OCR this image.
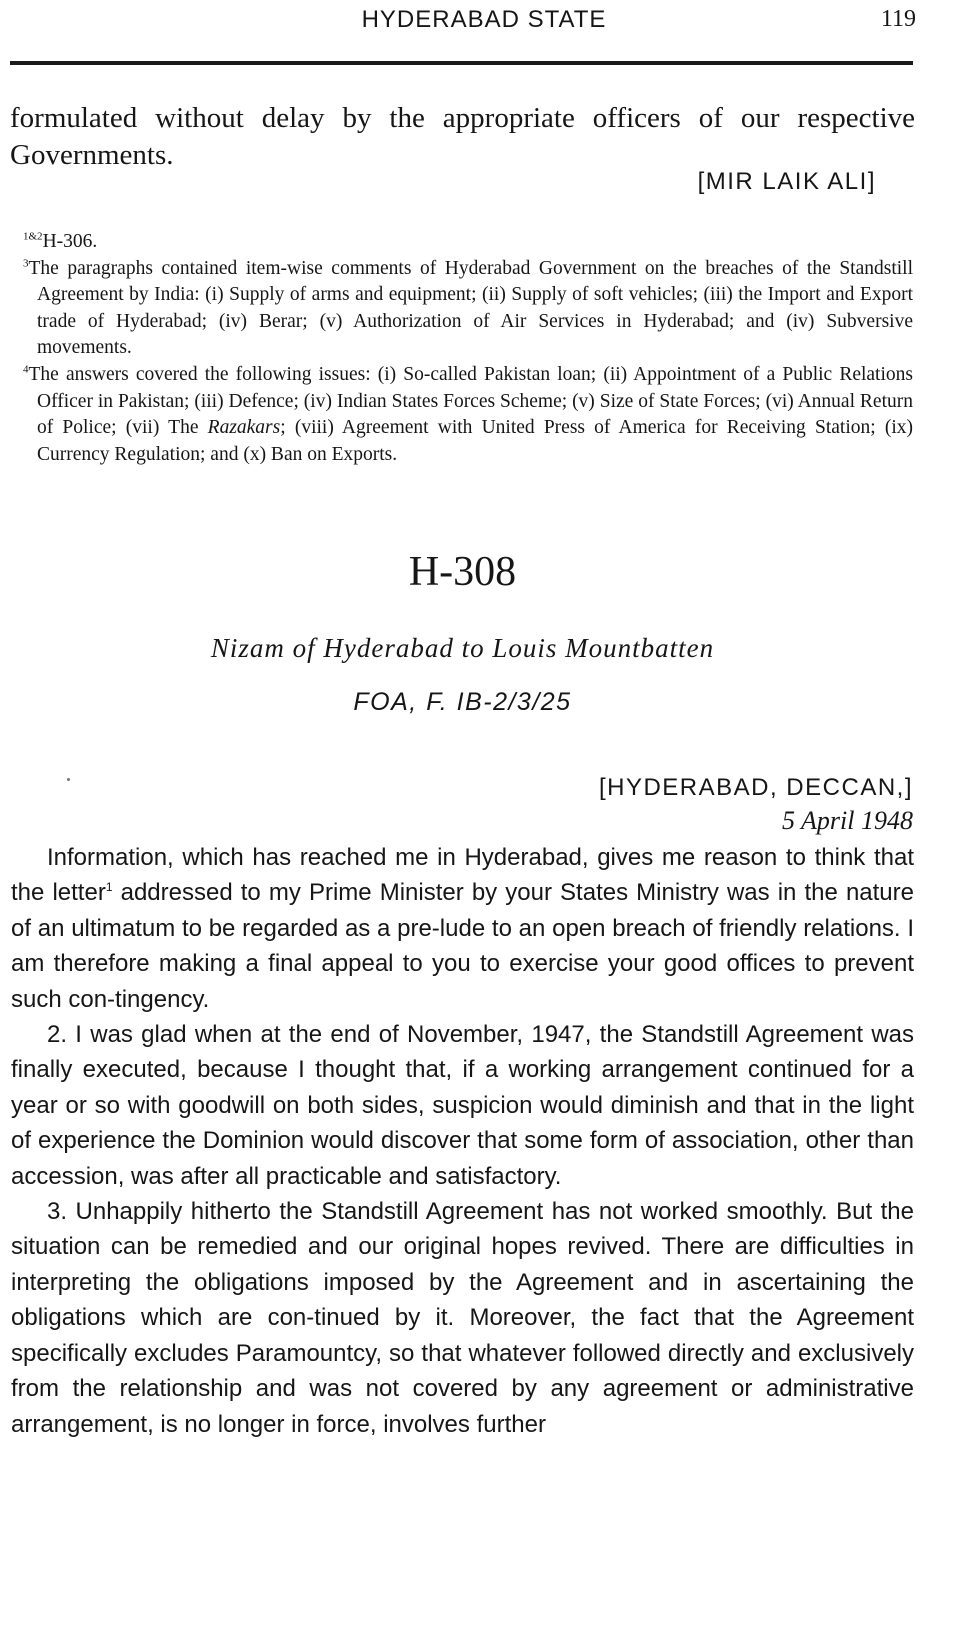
HYDERABAD STATE	119

formulated without delay by the appropriate officers of our respective Governments.

[MIR LAIK ALI]

$^{1\&2}$H-306.

$^3$The paragraphs contained item-wise comments of Hyderabad Government on the breaches of the Standstill Agreement by India: (i) Supply of arms and equipment; (ii) Supply of soft vehicles; (iii) the Import and Export trade of Hyderabad; (iv) Berar; (v) Authorization of Air Services in Hyderabad; and (iv) Subversive movements.

$^4$The answers covered the following issues: (i) So-called Pakistan loan; (ii) Appointment of a Public Relations Officer in Pakistan; (iii) Defence; (iv) Indian States Forces Scheme; (v) Size of State Forces; (vi) Annual Return of Police; (vii) The Razakars; (viii) Agreement with United Press of America for Receiving Station; (ix) Currency Regulation; and (x) Ban on Exports.

H-308

Nizam of Hyderabad to Louis Mountbatten

FOA, F. IB-2/3/25

[HYDERABAD, DECCAN,]

5 April 1948

Information, which has reached me in Hyderabad, gives me reason to think that the letter$^1$ addressed to my Prime Minister by your States Ministry was in the nature of an ultimatum to be regarded as a pre-lude to an open breach of friendly relations. I am therefore making a final appeal to you to exercise your good offices to prevent such con-tingency.

2. I was glad when at the end of November, 1947, the Standstill Agreement was finally executed, because I thought that, if a working arrangement continued for a year or so with goodwill on both sides, suspicion would diminish and that in the light of experience the Dominion would discover that some form of association, other than accession, was after all practicable and satisfactory.

3. Unhappily hitherto the Standstill Agreement has not worked smoothly. But the situation can be remedied and our original hopes revived. There are difficulties in interpreting the obligations imposed by the Agreement and in ascertaining the obligations which are con-tinued by it. Moreover, the fact that the Agreement specifically excludes Paramountcy, so that whatever followed directly and exclusively from the relationship and was not covered by any agreement or administrative arrangement, is no longer in force, involves further
